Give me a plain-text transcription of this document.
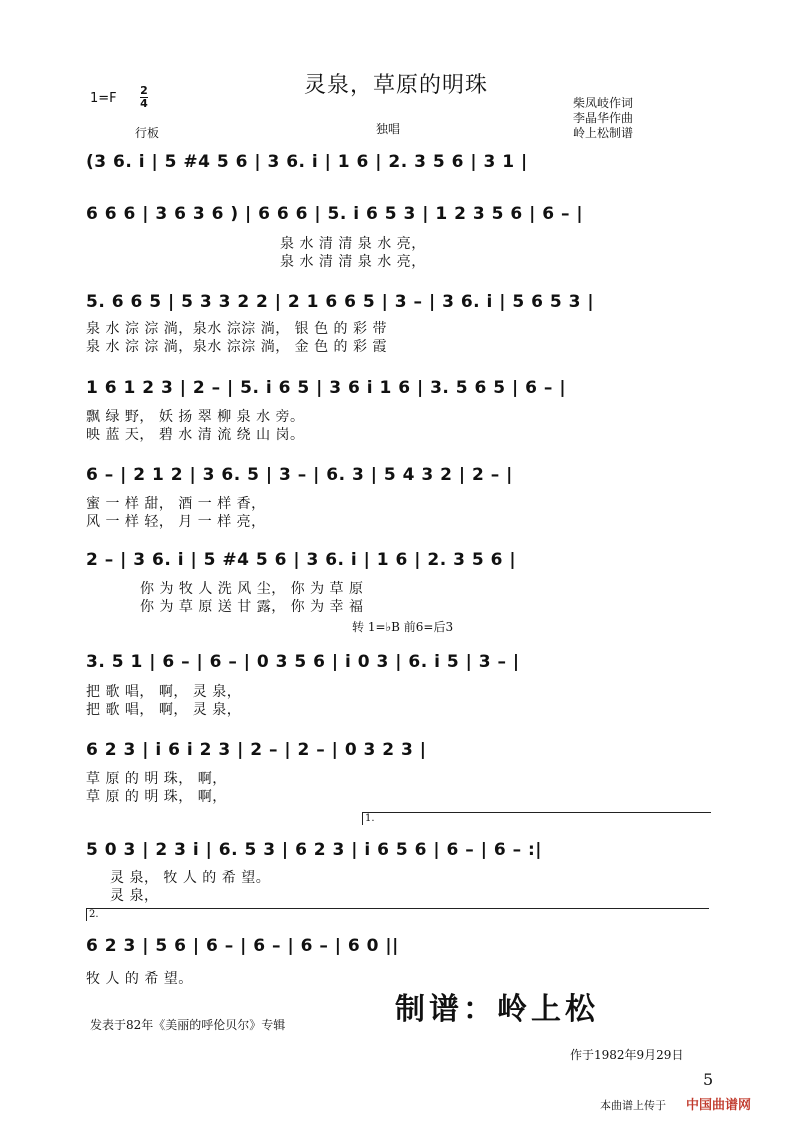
灵泉，草原的明珠
1=F
2
4
行板	独唱
柴凤岐作词
李晶华作曲
岭上松制谱
(3 6. i | 5 #4 5 6 | 3 6. i | 1 6 | 2. 3 5 6 | 3 1 |
6 6 6 | 3 6 3 6 ) | 6 6 6 | 5. i 6 5 3 | 1 2 3 5 6 | 6 – |
泉 水 清 清 泉 水 亮，
泉 水 清 清 泉 水 亮，
5. 6 6 5 | 5 3 3 2 2 | 2 1 6 6 5 | 3 – | 3 6. i | 5 6 5 3 |
泉 水 淙 淙 淌，泉水 淙淙 淌， 银 色 的 彩 带
泉 水 淙 淙 淌，泉水 淙淙 淌， 金 色 的 彩 霞
1 6 1 2 3 | 2 – | 5. i 6 5 | 3 6 i 1 6 | 3. 5 6 5 | 6 – |
飘 绿 野， 妖 扬 翠 柳 泉 水 旁。
映 蓝 天， 碧 水 清 流 绕 山 岗。
6 – | 2 1 2 | 3 6. 5 | 3 – | 6. 3 | 5 4 3 2 | 2 – |
蜜 一 样 甜， 酒 一 样 香，
风 一 样 轻， 月 一 样 亮，
2 – | 3 6. i | 5 #4 5 6 | 3 6. i | 1 6 | 2. 3 5 6 |
你 为 牧 人 洗 风 尘， 你 为 草 原
你 为 草 原 送 甘 露， 你 为 幸 福
转 1=♭B 前6=后3
3. 5 1 | 6 – | 6 – | 0 3 5 6 | i 0 3 | 6. i 5 | 3 – |
把 歌 唱， 啊， 灵 泉，
把 歌 唱， 啊， 灵 泉，
6 2 3 | i 6 i 2 3 | 2 – | 2 – | 0 3 2 3 |
草 原 的 明 珠， 啊，
草 原 的 明 珠， 啊，
1.
5 0 3 | 2 3 i | 6. 5 3 | 6 2 3 | i 6 5 6 | 6 – | 6 – :|
灵 泉， 牧 人 的 希 望。
灵 泉，
2.
6 2 3 | 5 6 | 6 – | 6 – | 6 – | 6 0 ||
牧 人 的 希 望。
发表于82年《美丽的呼伦贝尔》专辑	制谱：岭上松
作于1982年9月29日
5
本曲谱上传于 中国曲谱网
